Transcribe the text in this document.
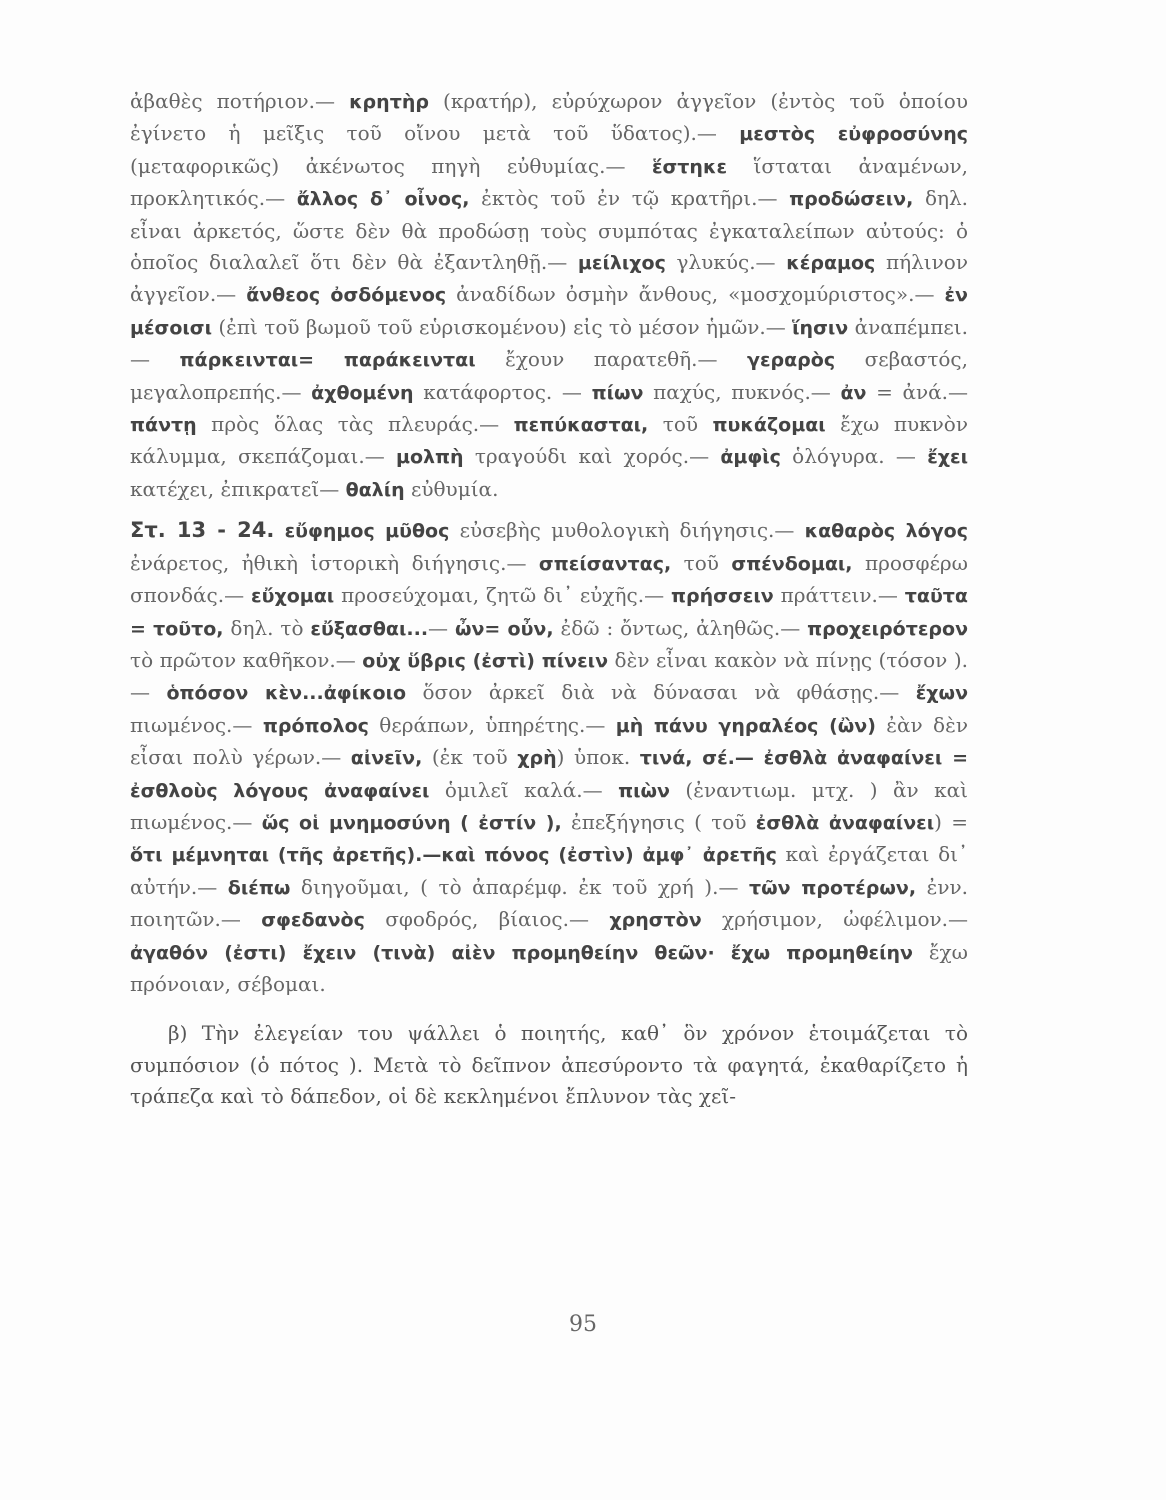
ἀβαθὲς ποτήριον.— κρητὴρ (κρατήρ), εὐρύχωρον ἀγγεῖον (ἐντὸς τοῦ ὁποίου ἐγίνετο ἡ μεῖξις τοῦ οἴνου μετὰ τοῦ ὕδατος).— μεστὸς εὐφροσύνης (μεταφορικῶς) ἀκένωτος πηγὴ εὐθυμίας.— ἕστηκε ἵσταται ἀναμένων, προκλητικός.— ἄλλος δ᾿ οἶνος, ἐκτὸς τοῦ ἐν τῷ κρατῆρι.— προδώσειν, δηλ. εἶναι ἀρκετός, ὥστε δὲν θὰ προδώσῃ τοὺς συμπότας ἐγκαταλείπων αὐτούς: ὁ ὁποῖος διαλαλεῖ ὅτι δὲν θὰ ἐξαντληθῇ.— μείλιχος γλυκύς.— κέραμος πήλινον ἀγγεῖον.— ἄνθεος ὀσδόμενος ἀναδίδων ὀσμὴν ἄνθους, «μοσχομύριστος».— ἐν μέσοισι (ἐπὶ τοῦ βωμοῦ τοῦ εὑρισκομένου) εἰς τὸ μέσον ἡμῶν.— ἵησιν ἀναπέμπει.— πάρκεινται= παράκεινται ἔχουν παρατεθῆ.— γεραρὸς σεβαστός, μεγαλοπρεπής.— ἀχθομένη κατάφορτος. — πίων παχύς, πυκνός.— ἀν = ἀνά.— πάντῃ πρὸς ὅλας τὰς πλευράς.— πεπύκασται, τοῦ πυκάζομαι ἔχω πυκνὸν κάλυμμα, σκεπάζομαι.— μολπὴ τραγούδι καὶ χορός.— ἀμφὶς ὁλόγυρα. — ἔχει κατέχει, ἐπικρατεῖ— θαλίη εὐθυμία.

Στ. 13 - 24. εὔφημος μῦθος εὐσεβὴς μυθολογικὴ διήγησις.— καθαρὸς λόγος ἐνάρετος, ἠθικὴ ἱστορικὴ διήγησις.— σπείσαντας, τοῦ σπένδομαι, προσφέρω σπονδάς.— εὔχομαι προσεύχομαι, ζητῶ δι᾿ εὐχῆς.— πρήσσειν πράττειν.— ταῦτα = τοῦτο, δηλ. τὸ εὔξασθαι...— ὦν= οὖν, ἐδῶ : ὄντως, ἀληθῶς.— προχειρότερον τὸ πρῶτον καθῆκον.— οὐχ ὕβρις (ἐστὶ) πίνειν δὲν εἶναι κακὸν νὰ πίνῃς (τόσον ).— ὁπόσον κὲν...ἀφίκοιο ὅσον ἀρκεῖ διὰ νὰ δύνασαι νὰ φθάσῃς.— ἔχων πιωμένος.— πρόπολος θεράπων, ὑπηρέτης.— μὴ πάνυ γηραλέος (ὢν) ἐὰν δὲν εἶσαι πολὺ γέρων.— αἰνεῖν, (ἐκ τοῦ χρὴ) ὑποκ. τινά, σέ.— ἐσθλὰ ἀναφαίνει = ἐσθλοὺς λόγους ἀναφαίνει ὁμιλεῖ καλά.— πιὼν (ἐναντιωμ. μτχ. ) ἂν καὶ πιωμένος.— ὥς οἱ μνημοσύνη ( ἐστίν ), ἐπεξήγησις ( τοῦ ἐσθλὰ ἀναφαίνει) = ὅτι μέμνηται (τῆς ἀρετῆς).—καὶ πόνος (ἐστὶν) ἀμφ᾿ ἀρετῆς καὶ ἐργάζεται δι᾿ αὐτήν.— διέπω διηγοῦμαι, ( τὸ ἀπαρέμφ. ἐκ τοῦ χρή ).— τῶν προτέρων, ἐνν. ποιητῶν.— σφεδανὸς σφοδρός, βίαιος.— χρηστὸν χρήσιμον, ὠφέλιμον.— ἀγαθόν (ἐστι) ἔχειν (τινὰ) αἰὲν προμηθείην θεῶν· ἔχω προμηθείην ἔχω πρόνοιαν, σέβομαι.

β) Τὴν ἐλεγείαν του ψάλλει ὁ ποιητής, καθ᾿ ὃν χρόνον ἑτοιμάζεται τὸ συμπόσιον (ὁ πότος ). Μετὰ τὸ δεῖπνον ἀπεσύροντο τὰ φαγητά, ἐκαθαρίζετο ἡ τράπεζα καὶ τὸ δάπεδον, οἱ δὲ κεκλημένοι ἔπλυνον τὰς χεῖ-

95
